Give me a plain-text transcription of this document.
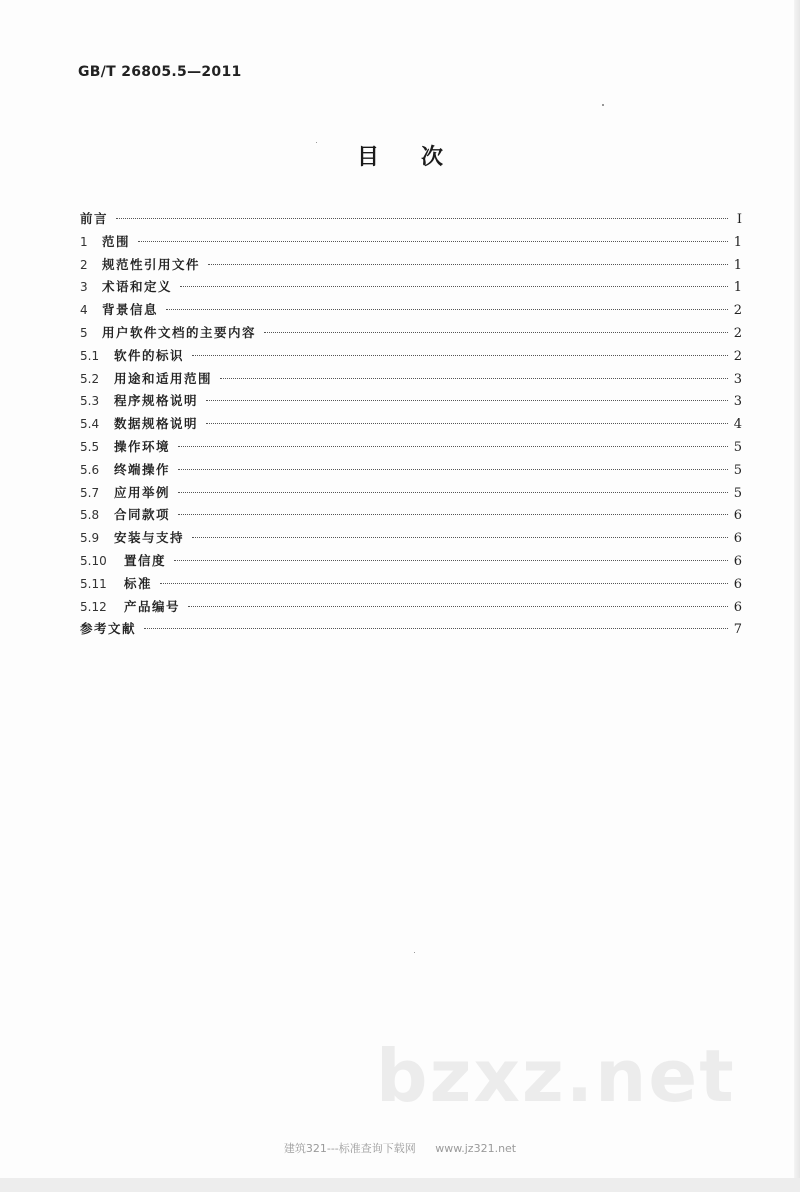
GB/T 26805.5—2011
目次
前言	I
1	范围	1
2	规范性引用文件	1
3	术语和定义	1
4	背景信息	2
5	用户软件文档的主要内容	2
5.1	软件的标识	2
5.2	用途和适用范围	3
5.3	程序规格说明	3
5.4	数据规格说明	4
5.5	操作环境	5
5.6	终端操作	5
5.7	应用举例	5
5.8	合同款项	6
5.9	安装与支持	6
5.10	置信度	6
5.11	标准	6
5.12	产品编号	6
参考文献	7
bzxz.net
建筑321---标准查询下载网 www.jz321.net
